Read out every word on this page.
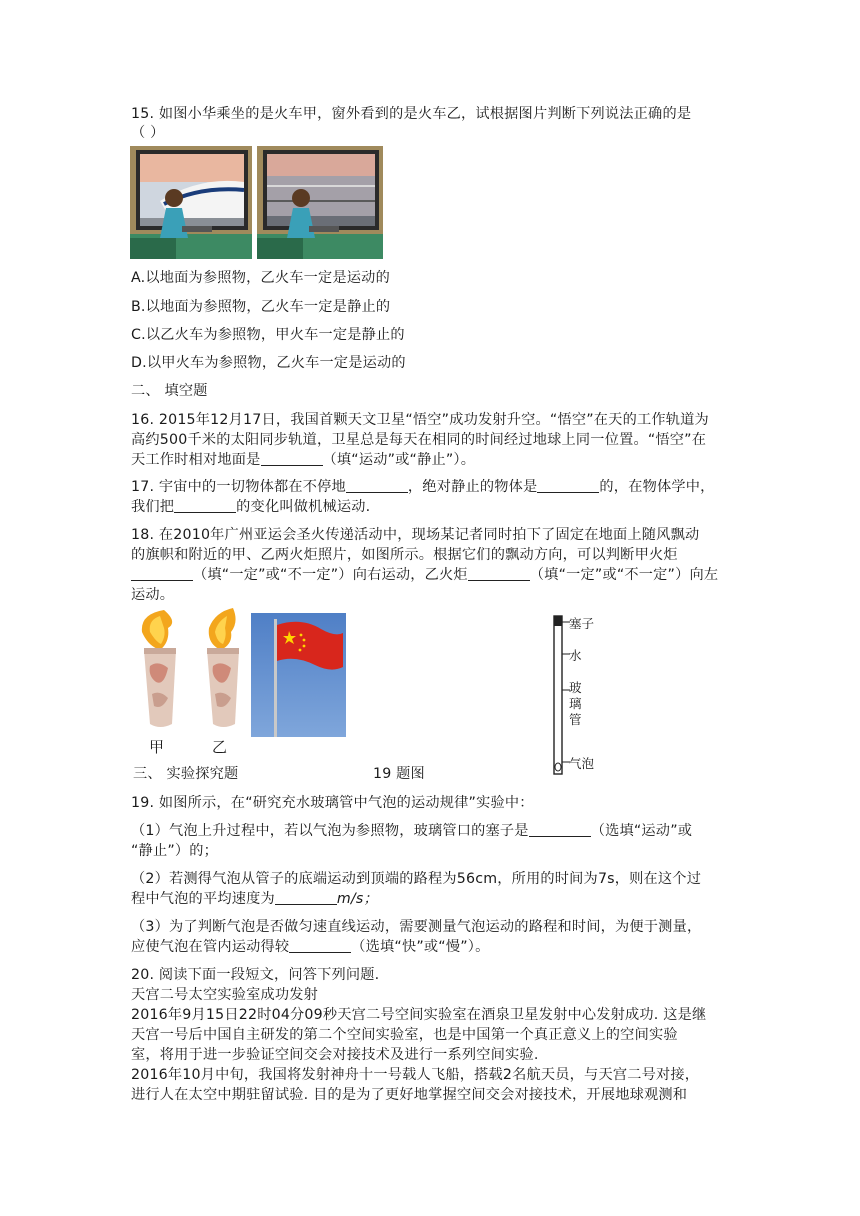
15. 如图小华乘坐的是火车甲，窗外看到的是火车乙，试根据图片判断下列说法正确的是
（ ）
A.以地面为参照物，乙火车一定是运动的
B.以地面为参照物，乙火车一定是静止的
C.以乙火车为参照物，甲火车一定是静止的
D.以甲火车为参照物，乙火车一定是运动的
二、 填空题
16. 2015年12月17日，我国首颗天文卫星“悟空”成功发射升空。“悟空”在天的工作轨道为
高约500千米的太阳同步轨道，卫星总是每天在相同的时间经过地球上同一位置。“悟空”在
天工作时相对地面是	（填“运动”或“静止”）。
17. 宇宙中的一切物体都在不停地	，绝对静止的物体是	的，在物体学中，
我们把	的变化叫做机械运动.
18. 在2010年广州亚运会圣火传递活动中，现场某记者同时拍下了固定在地面上随风飘动
的旗帜和附近的甲、乙两火炬照片，如图所示。根据它们的飘动方向，可以判断甲火炬
（填“一定”或“不一定”）向右运动，乙火炬	（填“一定”或“不一定”）向左
运动。
甲	乙
塞子
水
玻
璃
管
气泡
三、 实验探究题	19 题图
19. 如图所示，在“研究充水玻璃管中气泡的运动规律”实验中：
（1）气泡上升过程中，若以气泡为参照物，玻璃管口的塞子是	（选填“运动”或
“静止”）的；
（2）若测得气泡从管子的底端运动到顶端的路程为56cm，所用的时间为7s，则在这个过
程中气泡的平均速度为	m/s；
（3）为了判断气泡是否做匀速直线运动，需要测量气泡运动的路程和时间，为便于测量，
应使气泡在管内运动得较	（选填“快”或“慢”）。
20. 阅读下面一段短文，问答下列问题.
天宫二号太空实验室成功发射
2016年9月15日22时04分09秒天宫二号空间实验室在酒泉卫星发射中心发射成功. 这是继
天宫一号后中国自主研发的第二个空间实验室，也是中国第一个真正意义上的空间实验
室，将用于进一步验证空间交会对接技术及进行一系列空间实验.
2016年10月中旬，我国将发射神舟十一号载人飞船，搭载2名航天员，与天宫二号对接，
进行人在太空中期驻留试验. 目的是为了更好地掌握空间交会对接技术，开展地球观测和
